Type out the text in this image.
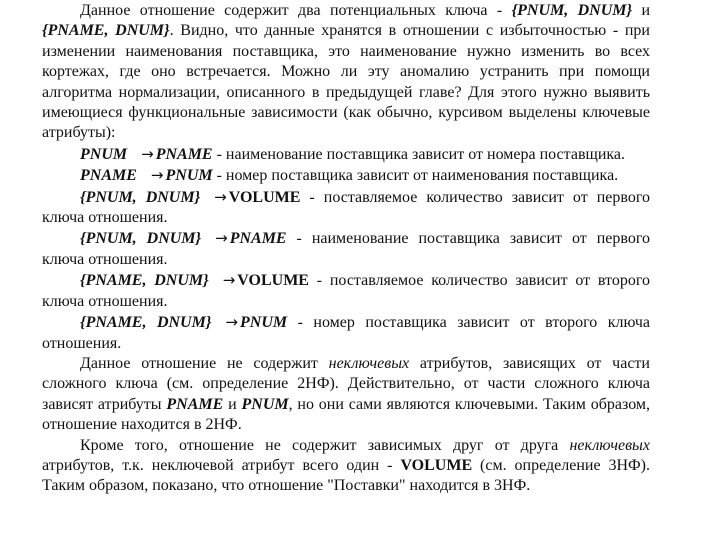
Данное отношение содержит два потенциальных ключа - {PNUM, DNUM} и {PNAME, DNUM}. Видно, что данные хранятся в отношении с избыточностью - при изменении наименования поставщика, это наименование нужно изменить во всех кортежах, где оно встречается. Можно ли эту аномалию устранить при помощи алгоритма нормализации, описанного в предыдущей главе? Для этого нужно выявить имеющиеся функциональные зависимости (как обычно, курсивом выделены ключевые атрибуты):

PNUM → PNAME - наименование поставщика зависит от номера поставщика.

PNAME → PNUM - номер поставщика зависит от наименования поставщика.

{PNUM, DNUM} → VOLUME - поставляемое количество зависит от первого ключа отношения.

{PNUM, DNUM} → PNAME - наименование поставщика зависит от первого ключа отношения.

{PNAME, DNUM} → VOLUME - поставляемое количество зависит от второго ключа отношения.

{PNAME, DNUM} → PNUM - номер поставщика зависит от второго ключа отношения.

Данное отношение не содержит неключевых атрибутов, зависящих от части сложного ключа (см. определение 2НФ). Действительно, от части сложного ключа зависят атрибуты PNAME и PNUM, но они сами являются ключевыми. Таким образом, отношение находится в 2НФ.

Кроме того, отношение не содержит зависимых друг от друга неключевых атрибутов, т.к. неключевой атрибут всего один - VOLUME (см. определение 3НФ). Таким образом, показано, что отношение "Поставки" находится в 3НФ.
